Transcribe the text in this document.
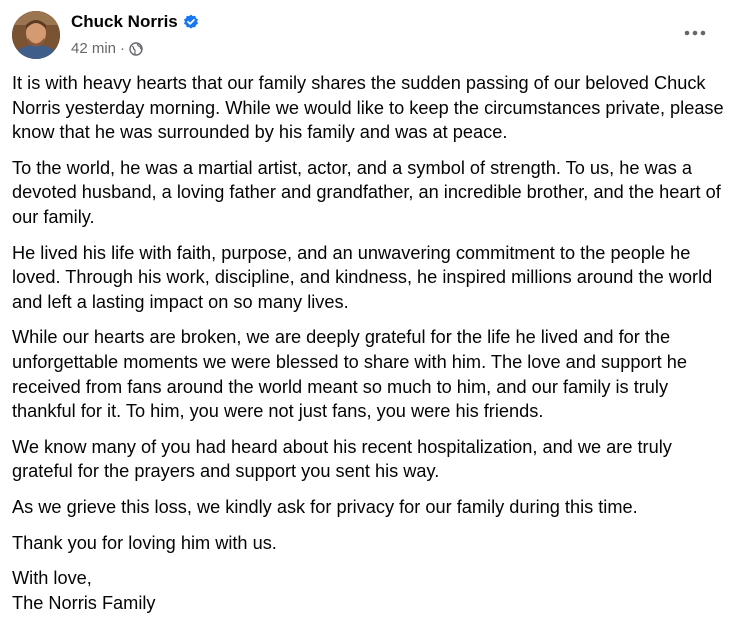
Chuck Norris
42 min ·

It is with heavy hearts that our family shares the sudden passing of our beloved Chuck Norris yesterday morning. While we would like to keep the circumstances private, please know that he was surrounded by his family and was at peace.

To the world, he was a martial artist, actor, and a symbol of strength. To us, he was a devoted husband, a loving father and grandfather, an incredible brother, and the heart of our family.

He lived his life with faith, purpose, and an unwavering commitment to the people he loved. Through his work, discipline, and kindness, he inspired millions around the world and left a lasting impact on so many lives.

While our hearts are broken, we are deeply grateful for the life he lived and for the unforgettable moments we were blessed to share with him. The love and support he received from fans around the world meant so much to him, and our family is truly thankful for it. To him, you were not just fans, you were his friends.

We know many of you had heard about his recent hospitalization, and we are truly grateful for the prayers and support you sent his way.

As we grieve this loss, we kindly ask for privacy for our family during this time.

Thank you for loving him with us.

With love,
The Norris Family
